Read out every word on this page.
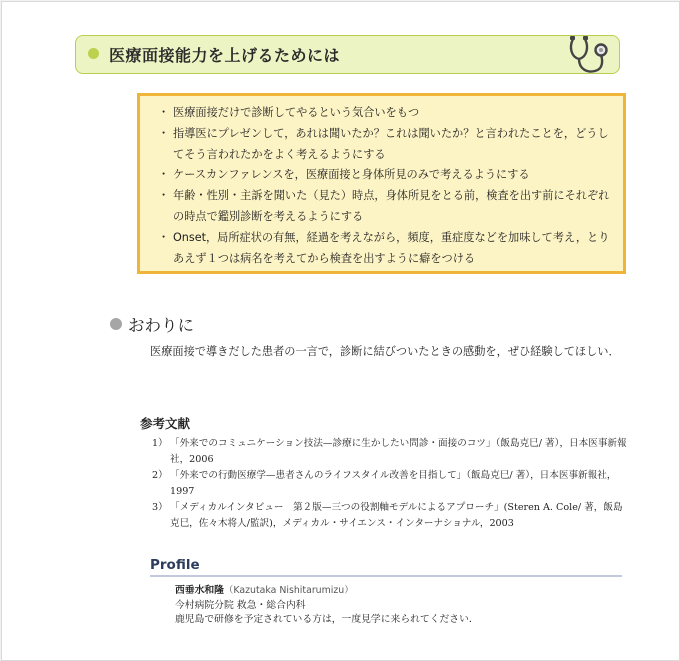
医療面接能力を上げるためには
・ 医療面接だけで診断してやるという気合いをもつ
・ 指導医にプレゼンして，あれは聞いたか？これは聞いたか？と言われたことを，どうしてそう言われたかをよく考えるようにする
・ ケースカンファレンスを，医療面接と身体所見のみで考えるようにする
・ 年齢・性別・主訴を聞いた（見た）時点，身体所見をとる前，検査を出す前にそれぞれの時点で鑑別診断を考えるようにする
・ Onset，局所症状の有無，経過を考えながら，頻度，重症度などを加味して考え，とりあえず１つは病名を考えてから検査を出すように癖をつける
おわりに
医療面接で導きだした患者の一言で，診断に結びついたときの感動を，ぜひ経験してほしい．
参考文献
1） 「外来でのコミュニケーション技法—診療に生かしたい問診・面接のコツ」（飯島克巳/ 著），日本医事新報社，2006
2） 「外来での行動医療学—患者さんのライフスタイル改善を目指して」（飯島克巳/ 著），日本医事新報社，1997
3） 「メディカルインタビュー　第２版—三つの役割軸モデルによるアプローチ」(Steren A. Cole/ 著，飯島克巳，佐々木将人/監訳)，メディカル・サイエンス・インターナショナル，2003
Profile
西垂水和隆（Kazutaka Nishitarumizu）
今村病院分院 救急・総合内科
鹿児島で研修を予定されている方は，一度見学に来られてください．
